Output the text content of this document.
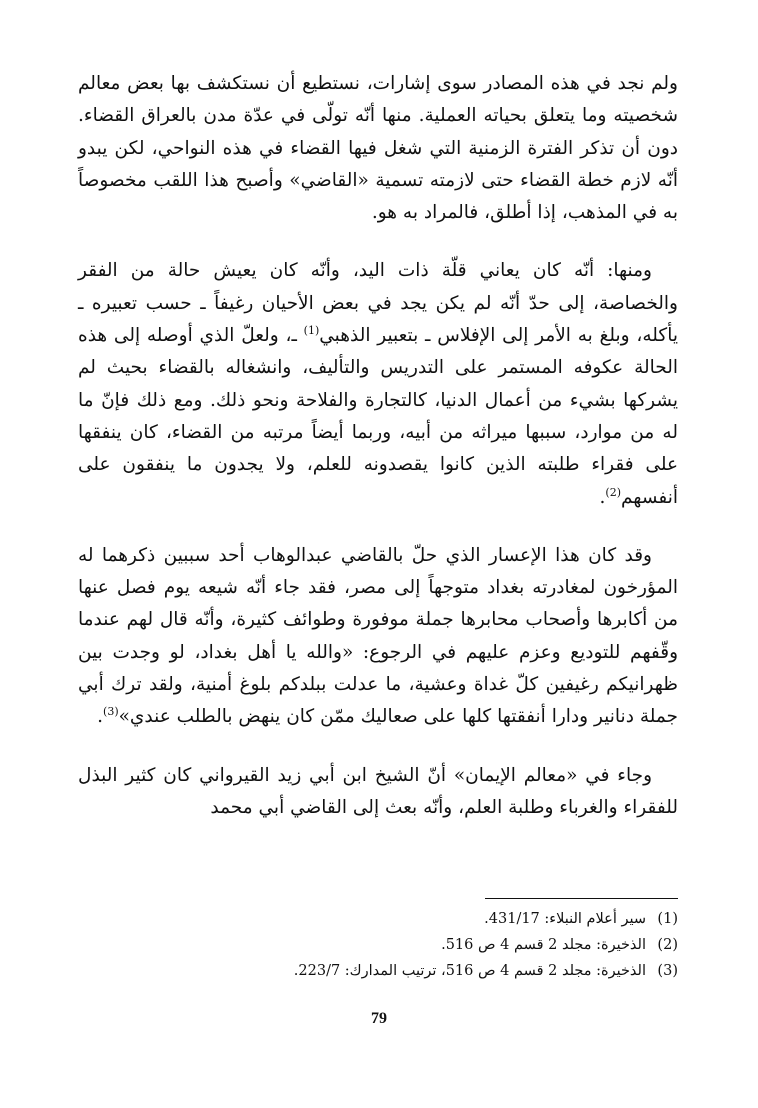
ولم نجد في هذه المصادر سوى إشارات، نستطيع أن نستكشف بها بعض معالم شخصيته وما يتعلق بحياته العملية. منها أنّه تولّى في عدّة مدن بالعراق القضاء. دون أن تذكر الفترة الزمنية التي شغل فيها القضاء في هذه النواحي، لكن يبدو أنّه لازم خطة القضاء حتى لازمته تسمية «القاضي» وأصبح هذا اللقب مخصوصاً به في المذهب، إذا أطلق، فالمراد به هو.

ومنها: أنّه كان يعاني قلّة ذات اليد، وأنّه كان يعيش حالة من الفقر والخصاصة، إلى حدّ أنّه لم يكن يجد في بعض الأحيان رغيفاً ـ حسب تعبيره ـ يأكله، وبلغ به الأمر إلى الإفلاس ـ بتعبير الذهبي$^{(1)}$ ـ، ولعلّ الذي أوصله إلى هذه الحالة عكوفه المستمر على التدريس والتأليف، وانشغاله بالقضاء بحيث لم يشركها بشيء من أعمال الدنيا، كالتجارة والفلاحة ونحو ذلك. ومع ذلك فإنّ ما له من موارد، سببها ميراثه من أبيه، وربما أيضاً مرتبه من القضاء، كان ينفقها على فقراء طلبته الذين كانوا يقصدونه للعلم، ولا يجدون ما ينفقون على أنفسهم$^{(2)}$.

وقد كان هذا الإعسار الذي حلّ بالقاضي عبدالوهاب أحد سببين ذكرهما له المؤرخون لمغادرته بغداد متوجهاً إلى مصر، فقد جاء أنّه شيعه يوم فصل عنها من أكابرها وأصحاب محابرها جملة موفورة وطوائف كثيرة، وأنّه قال لهم عندما وقّفهم للتوديع وعزم عليهم في الرجوع: «والله يا أهل بغداد، لو وجدت بين ظهرانيكم رغيفين كلّ غداة وعشية، ما عدلت ببلدكم بلوغ أمنية، ولقد ترك أبي جملة دنانير ودارا أنفقتها كلها على صعاليك ممّن كان ينهض بالطلب عندي»$^{(3)}$.

وجاء في «معالم الإيمان» أنّ الشيخ ابن أبي زيد القيرواني كان كثير البذل للفقراء والغرباء وطلبة العلم، وأنّه بعث إلى القاضي أبي محمد

(1)
سير أعلام النبلاء: 431/17.
(2)
الذخيرة: مجلد 2 قسم 4 ص 516.
(3)
الذخيرة: مجلد 2 قسم 4 ص 516، ترتيب المدارك: 223/7.
79
